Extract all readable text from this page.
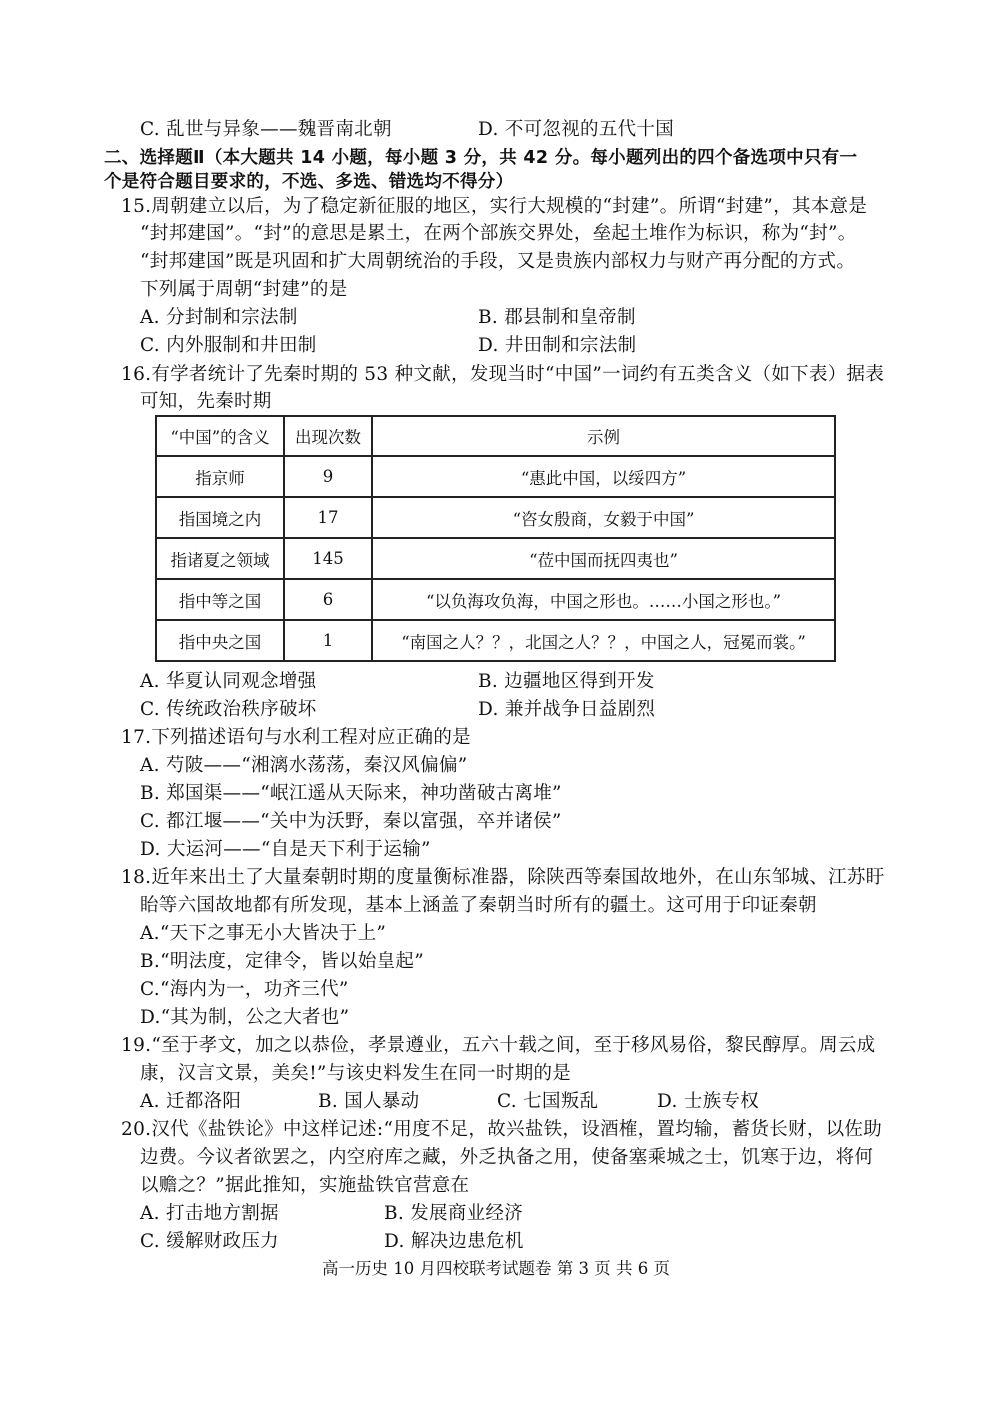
C. 乱世与异象——魏晋南北朝	D. 不可忽视的五代十国
二、选择题Ⅱ（本大题共 14 小题，每小题 3 分，共 42 分。每小题列出的四个备选项中只有一
个是符合题目要求的，不选、多选、错选均不得分）
15.周朝建立以后，为了稳定新征服的地区，实行大规模的“封建”。所谓“封建”，其本意是
“封邦建国”。“封”的意思是累土，在两个部族交界处，垒起土堆作为标识，称为“封”。
“封邦建国”既是巩固和扩大周朝统治的手段，又是贵族内部权力与财产再分配的方式。
下列属于周朝“封建”的是
A. 分封制和宗法制	B. 郡县制和皇帝制
C. 内外服制和井田制	D. 井田制和宗法制
16.有学者统计了先秦时期的 53 种文献，发现当时“中国”一词约有五类含义（如下表）据表
可知，先秦时期
“中国”的含义	出现次数	示例
指京师	9	“惠此中国，以绥四方”
指国境之内	17	“咨女殷商，女毅于中国”
指诸夏之领域	145	“莅中国而抚四夷也”
指中等之国	6	“以负海攻负海，中国之形也。……小国之形也。”
指中央之国	1	“南国之人？？，北国之人？？，中国之人，冠冕而裳。”
A. 华夏认同观念增强	B. 边疆地区得到开发
C. 传统政治秩序破坏	D. 兼并战争日益剧烈
17.下列描述语句与水利工程对应正确的是
A. 芍陂——“湘漓水荡荡，秦汉风偏偏”
B. 郑国渠——“岷江遥从天际来，神功凿破古离堆”
C. 都江堰——“关中为沃野，秦以富强，卒并诸侯”
D. 大运河——“自是天下利于运输”
18.近年来出土了大量秦朝时期的度量衡标准器，除陕西等秦国故地外，在山东邹城、江苏盱
眙等六国故地都有所发现，基本上涵盖了秦朝当时所有的疆土。这可用于印证秦朝
A.“天下之事无小大皆决于上”
B.“明法度，定律令，皆以始皇起”
C.“海内为一，功齐三代”
D.“其为制，公之大者也”
19.“至于孝文，加之以恭俭，孝景遵业，五六十载之间，至于移风易俗，黎民醇厚。周云成
康，汉言文景，美矣!”与该史料发生在同一时期的是
A. 迁都洛阳	B. 国人暴动	C. 七国叛乱	D. 士族专权
20.汉代《盐铁论》中这样记述:“用度不足，故兴盐铁，设酒榷，置均输，蓄货长财，以佐助
边费。今议者欲罢之，内空府库之藏，外乏执备之用，使备塞乘城之士，饥寒于边，将何
以赡之？”据此推知，实施盐铁官营意在
A. 打击地方割据	B. 发展商业经济
C. 缓解财政压力	D. 解决边患危机
高一历史 10 月四校联考试题卷 第 3 页 共 6 页
